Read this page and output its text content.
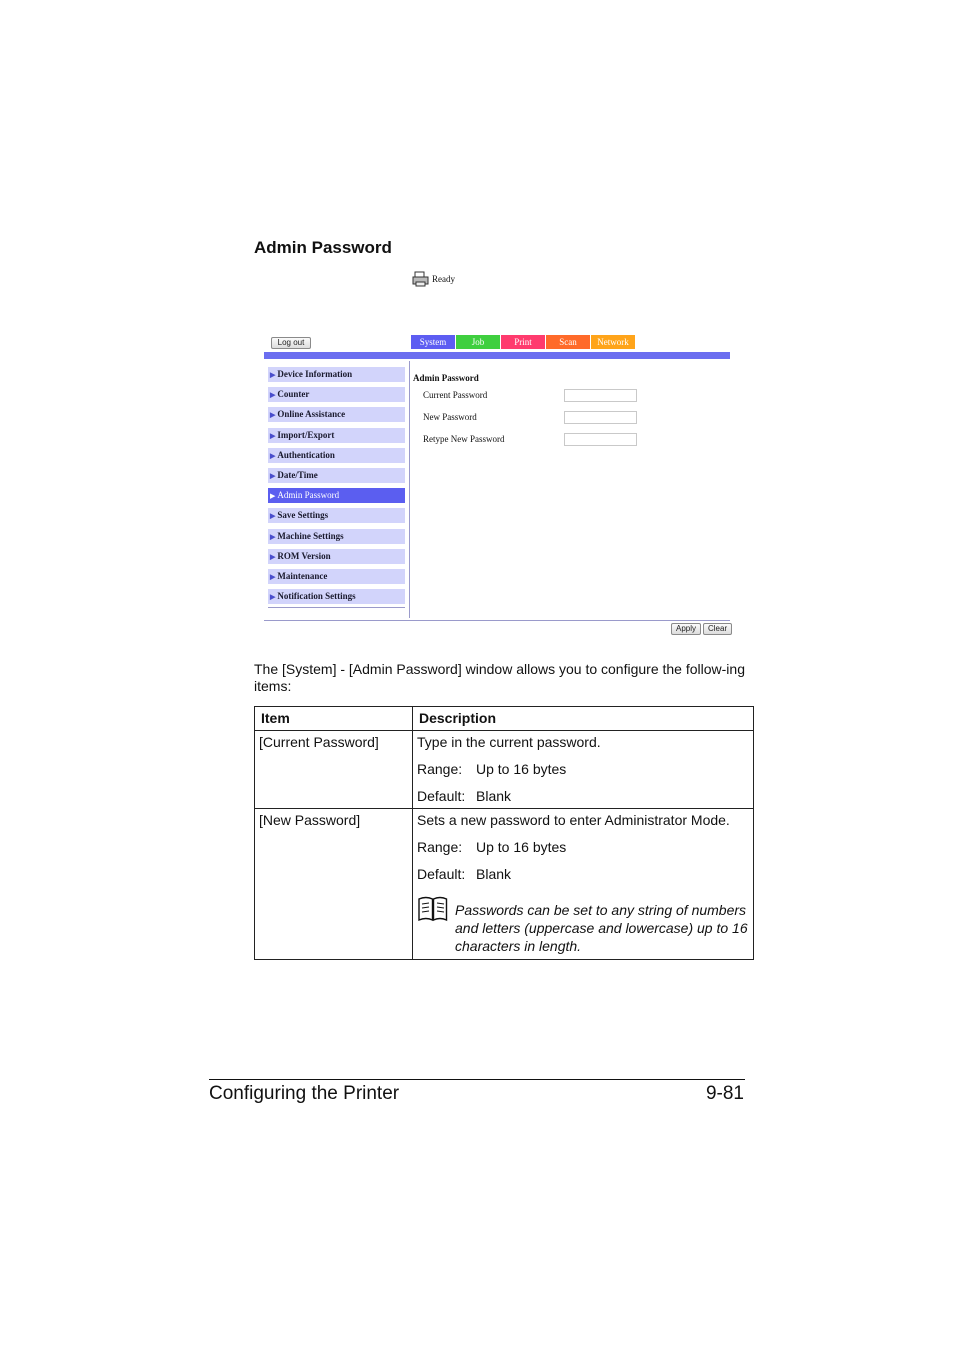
Admin Password
Ready
Log out	System	Job	Print	Scan	Network
▶ Device Information
▶ Counter
▶ Online Assistance
▶ Import/Export
▶ Authentication
▶ Date/Time
▶ Admin Password
▶ Save Settings
▶ Machine Settings
▶ ROM Version
▶ Maintenance
▶ Notification Settings
Admin Password
Current Password
New Password
Retype New Password
Apply	Clear
The [System] - [Admin Password] window allows you to configure the follow-ing items:
Item	Description

[Current Password]	Type in the current password.

Range: Up to 16 bytes

Default: Blank

[New Password]	Sets a new password to enter Administrator Mode.

Range: Up to 16 bytes

Default: Blank

Passwords can be set to any string of numbers and letters (uppercase and lowercase) up to 16 characters in length.
Configuring the Printer	9-81
